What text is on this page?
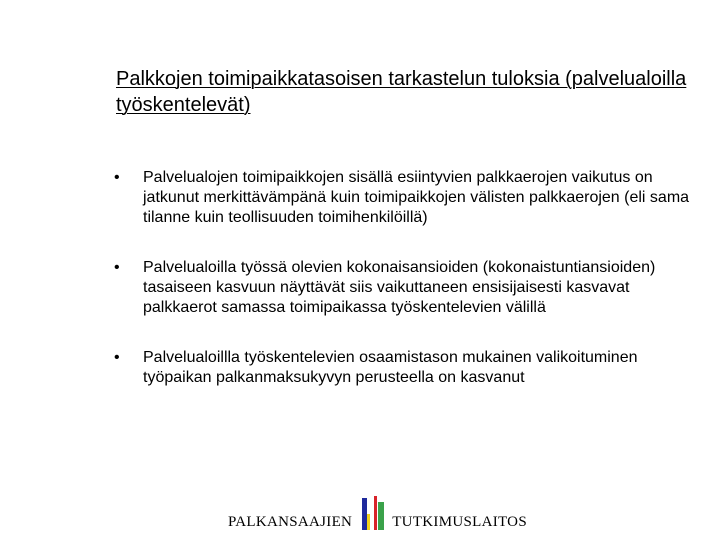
Palkkojen toimipaikkatasoisen tarkastelun tuloksia (palvelualoilla työskentelevät)
•	Palvelualojen toimipaikkojen sisällä esiintyvien palkkaerojen vaikutus on jatkunut merkittävämpänä kuin toimipaikkojen välisten palkkaerojen (eli sama tilanne kuin teollisuuden toimihenkilöillä)
•	Palvelualoilla työssä olevien kokonaisansioiden (kokonaistuntiansioiden) tasaiseen kasvuun näyttävät siis vaikuttaneen ensisijaisesti kasvavat palkkaerot samassa toimipaikassa työskentelevien välillä
•	Palvelualoillla työskentelevien osaamistason mukainen valikoituminen työpaikan palkanmaksukyvyn perusteella on kasvanut
PALKANSAAJIEN	TUTKIMUSLAITOS
